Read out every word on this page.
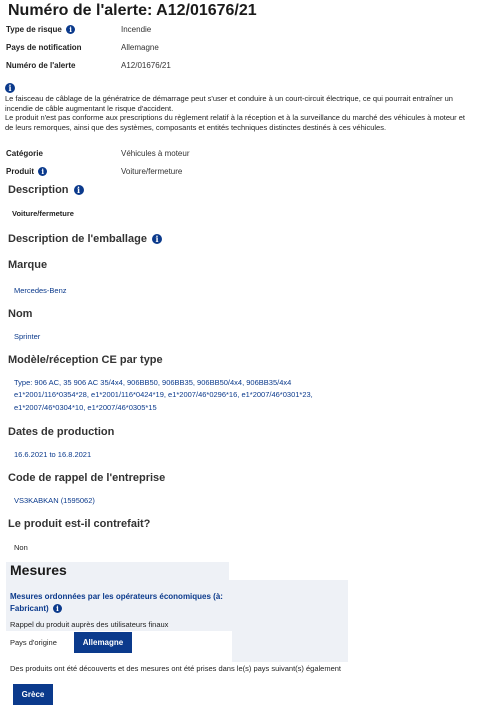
Numéro de l'alerte: A12/01676/21
Type de risque i	Incendie
Pays de notification	Allemagne
Numéro de l'alerte	A12/01676/21
i

Le faisceau de câblage de la génératrice de démarrage peut s'user et conduire à un court-circuit électrique, ce qui pourrait entraîner un incendie de câble augmentant le risque d'accident.

Le produit n'est pas conforme aux prescriptions du règlement relatif à la réception et à la surveillance du marché des véhicules à moteur et de leurs remorques, ainsi que des systèmes, composants et entités techniques distinctes destinés à ces véhicules.

Catégorie	Véhicules à moteur
Produit i	Voiture/fermeture
Description i
Voiture/fermeture
Description de l'emballage i
Marque
Mercedes-Benz
Nom
Sprinter
Modèle/réception CE par type
Type: 906 AC, 35 906 AC 35/4x4, 906BB50, 906BB35, 906BB50/4x4, 906BB35/4x4 e1*2001/116*0354*28, e1*2001/116*0424*19, e1*2007/46*0296*16, e1*2007/46*0301*23, e1*2007/46*0304*10, e1*2007/46*0305*15
Dates de production
16.6.2021 to 16.8.2021
Code de rappel de l'entreprise
VS3KABKAN (1595062)
Le produit est-il contrefait?
Non
Mesures
Mesures ordonnées par les opérateurs économiques (à: Fabricant) i
Rappel du produit auprès des utilisateurs finaux
Pays d'origine	Allemagne
Des produits ont été découverts et des mesures ont été prises dans le(s) pays suivant(s) également
Grèce
